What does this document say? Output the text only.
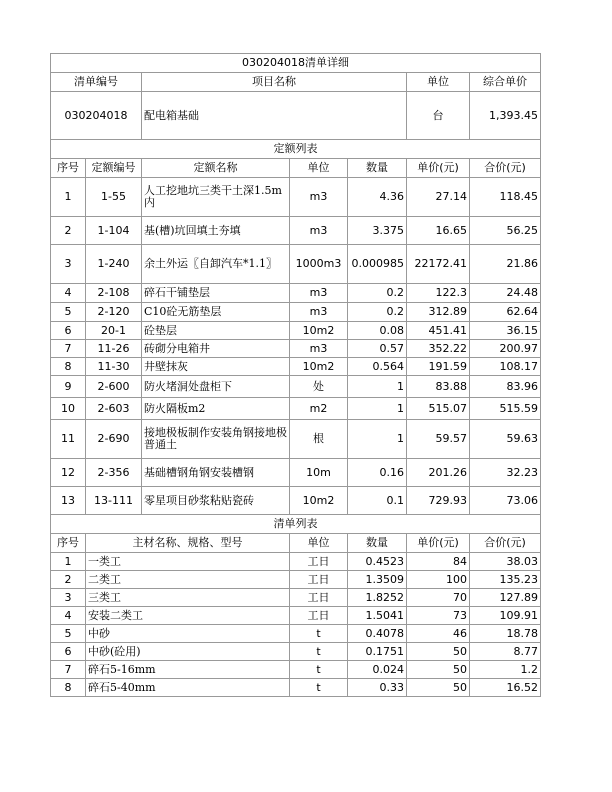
030204018清单详细						
清单编号		项目名称			单位	综合单价
030204018		配电箱基础			台	1,393.45
定额列表						
序号	定额编号	定额名称	单位	数量	单价(元)	合价(元)
1	1-55	人工挖地坑三类干土深1.5m内	m3	4.36	27.14	118.45
2	1-104	基(槽)坑回填土夯填	m3	3.375	16.65	56.25
3	1-240	余土外运〖自卸汽车*1.1〗	1000m3	0.000985	22172.41	21.86
4	2-108	碎石干铺垫层	m3	0.2	122.3	24.48
5	2-120	C10砼无筋垫层	m3	0.2	312.89	62.64
6	20-1	砼垫层	10m2	0.08	451.41	36.15
7	11-26	砖砌分电箱井	m3	0.57	352.22	200.97
8	11-30	井壁抹灰	10m2	0.564	191.59	108.17
9	2-600	防火堵洞处盘柜下	处	1	83.88	83.96
10	2-603	防火隔板m2	m2	1	515.07	515.59
11	2-690	接地极板制作安装角钢接地极普通土	根	1	59.57	59.63
12	2-356	基础槽钢角钢安装槽钢	10m	0.16	201.26	32.23
13	13-111	零星项目砂浆粘贴瓷砖	10m2	0.1	729.93	73.06
清单列表						
序号	主材名称、规格、型号		单位	数量	单价(元)	合价(元)
1	一类工		工日	0.4523	84	38.03
2	二类工		工日	1.3509	100	135.23
3	三类工		工日	1.8252	70	127.89
4	安装二类工		工日	1.5041	73	109.91
5	中砂		t	0.4078	46	18.78
6	中砂(砼用)		t	0.1751	50	8.77
7	碎石5-16mm		t	0.024	50	1.2
8	碎石5-40mm		t	0.33	50	16.52
